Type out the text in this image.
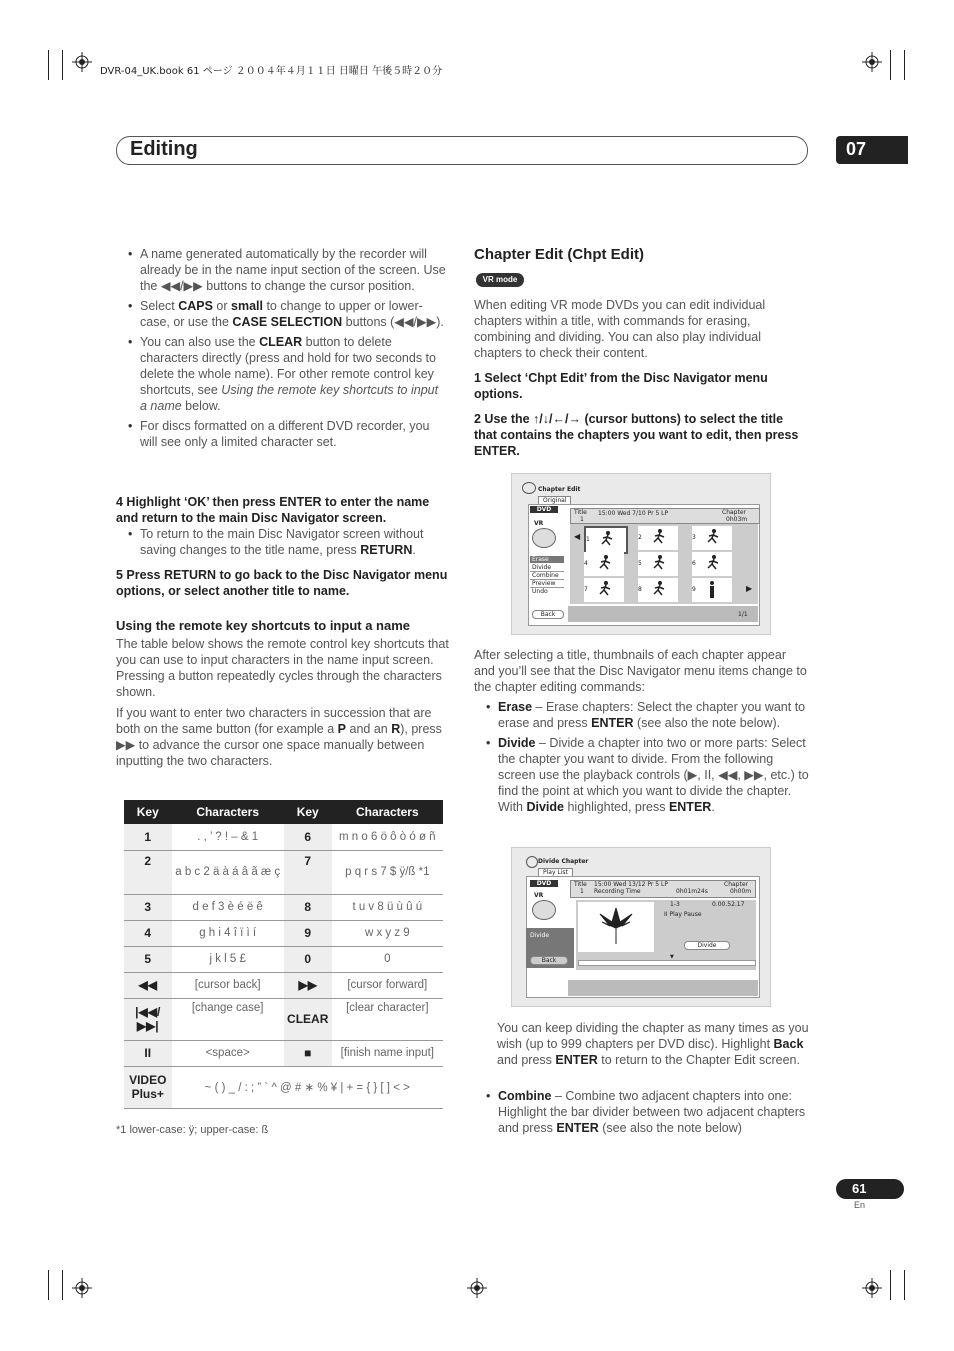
DVR-04_UK.book 61 ページ ２００４年４月１１日 日曜日 午後５時２０分
Editing	07
• A name generated automatically by the recorder will already be in the name input section of the screen. Use the ◀◀/▶▶ buttons to change the cursor position.
• Select CAPS or small to change to upper or lower-case, or use the CASE SELECTION buttons (◀◀/▶▶).
• You can also use the CLEAR button to delete characters directly (press and hold for two seconds to delete the whole name). For other remote control key shortcuts, see Using the remote key shortcuts to input a name below.
• For discs formatted on a different DVD recorder, you will see only a limited character set.
4 Highlight ‘OK’ then press ENTER to enter the name and return to the main Disc Navigator screen.
• To return to the main Disc Navigator screen without saving changes to the title name, press RETURN.
5 Press RETURN to go back to the Disc Navigator menu options, or select another title to name.
Using the remote key shortcuts to input a name
The table below shows the remote control key shortcuts that you can use to input characters in the name input screen. Pressing a button repeatedly cycles through the characters shown.
If you want to enter two characters in succession that are both on the same button (for example a P and an R), press ▶▶ to advance the cursor one space manually between inputting the two characters.
Key	Characters	Key	Characters
1	. , ’ ? ! – & 1	6	m n o 6 ö ô ò ó ø ñ
2	a b c 2 ä à á â ã æ ç	7	p q r s 7 $ ÿ/ß *1
3	d e f 3 è é ë ê	8	t u v 8 ü ù û ú
4	g h i 4 î ï ì í	9	w x y z 9
5	j k l 5 £	0	0
◀◀	[cursor back]	▶▶	[cursor forward]
|◀◀/▶▶|	[change case]	CLEAR	[clear character]
II	<space>	■	[finish name input]
VIDEO Plus+	~ ( ) _ / : ; ” ` ^ @ # ∗ % ¥ | + = { } [ ] < >		
*1 lower-case: ÿ; upper-case: ß
Chapter Edit (Chpt Edit)
VR mode
When editing VR mode DVDs you can edit individual chapters within a title, with commands for erasing, combining and dividing. You can also play individual chapters to check their content.
1 Select ‘Chpt Edit’ from the Disc Navigator menu options.
2 Use the ↑/↓/←/→ (cursor buttons) to select the title that contains the chapters you want to edit, then press ENTER.
Chapter Edit
Original
DVD
VR
Title
1
15:00 Wed 7/10 Pr 5 LP	Chapter
0h03m
Erase
Divide
Combine
Preview
Undo
Back
◀
▶
1	2	3
4	5	6
7	8	9
1/1
After selecting a title, thumbnails of each chapter appear and you’ll see that the Disc Navigator menu items change to the chapter editing commands:
• Erase – Erase chapters: Select the chapter you want to erase and press ENTER (see also the note below).
• Divide – Divide a chapter into two or more parts: Select the chapter you want to divide. From the following screen use the playback controls (▶, II, ◀◀, ▶▶, etc.) to find the point at which you want to divide the chapter. With Divide highlighted, press ENTER.
Divide Chapter
Play List
DVD
VR
Title
1
15:00 Wed 13/12 Pr 5 LP
Recording Time	0h01m24s
Chapter
0h00m
Divide
Back
1-3	0.00.52.17
II Play Pause
Divide
▼
You can keep dividing the chapter as many times as you wish (up to 999 chapters per DVD disc). Highlight Back and press ENTER to return to the Chapter Edit screen.
• Combine – Combine two adjacent chapters into one: Highlight the bar divider between two adjacent chapters and press ENTER (see also the note below)
61
En
